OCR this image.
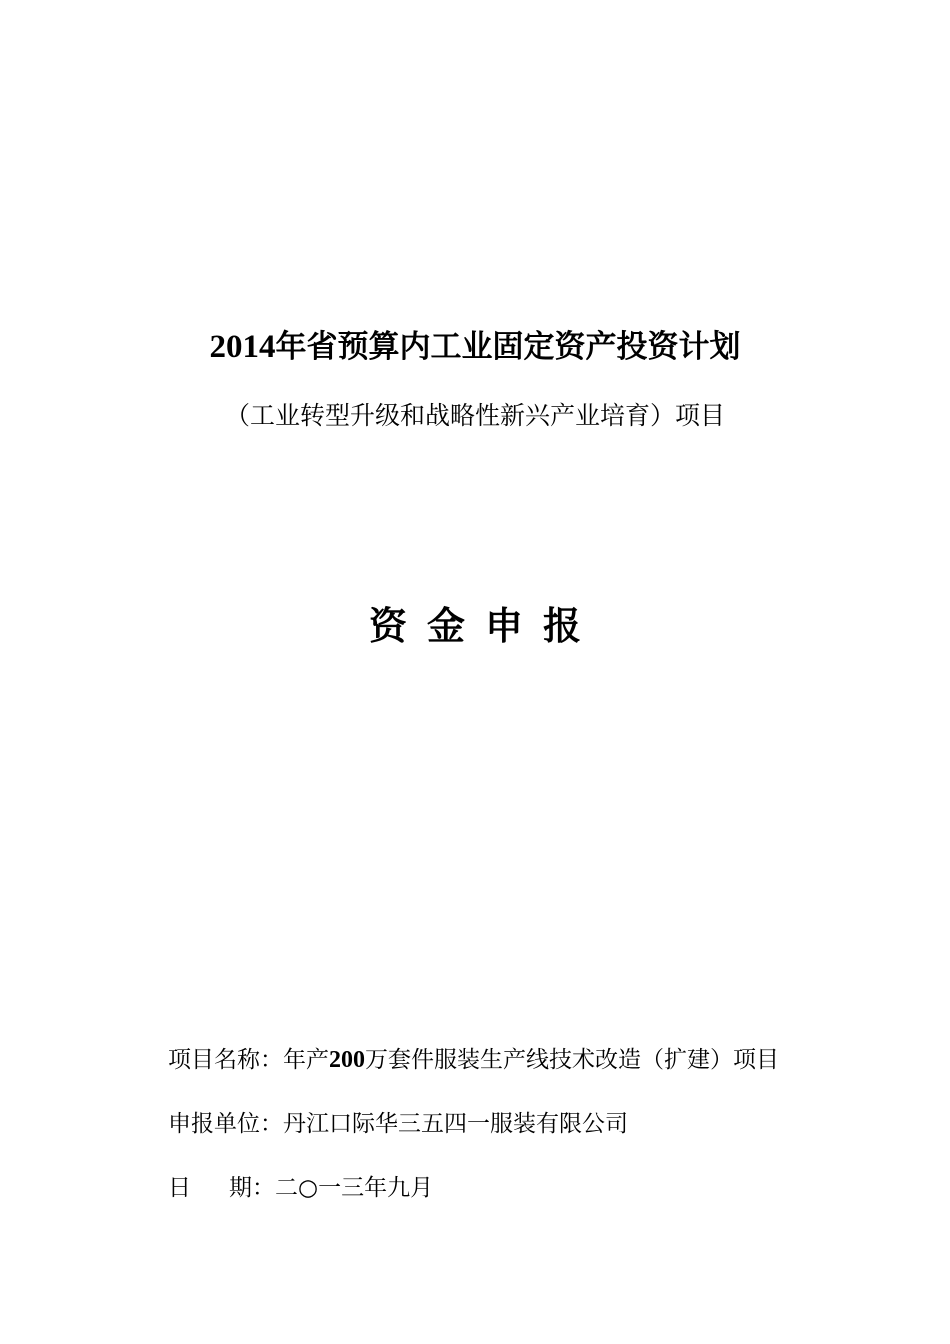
2014年省预算内工业固定资产投资计划
（工业转型升级和战略性新兴产业培育）项目
资金申报
项目名称：年产200万套件服装生产线技术改造（扩建）项目
申报单位：丹江口际华三五四一服装有限公司
日 期：二○一三年九月
